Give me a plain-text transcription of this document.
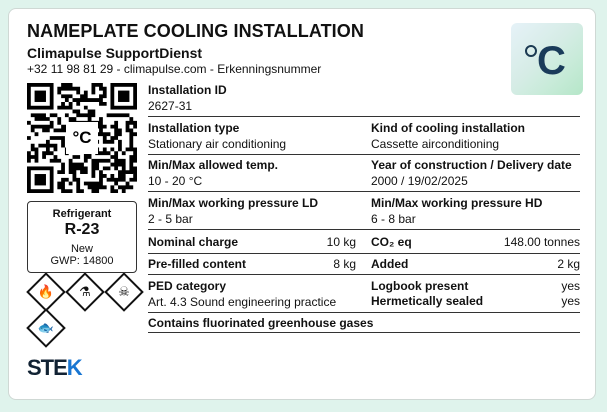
NAMEPLATE COOLING INSTALLATION
Climapulse SupportDienst
+32 11 98 81 29 - climapulse.com - Erkenningsnummer	C
°C
Refrigerant
R-23
New
GWP: 14800
🔥	⚗	☠
🐟
STEK
Installation ID
2627-31
Installation type
Stationary air conditioning
Kind of cooling installation
Cassette airconditioning
Min/Max allowed temp.
10 - 20 °C
Year of construction / Delivery date
2000 / 19/02/2025
Min/Max working pressure LD
2 - 5 bar
Min/Max working pressure HD
6 - 8 bar
Nominal charge	10 kg CO₂ eq	148.00 tonnes
Pre-filled content	8 kg Added	2 kg
PED category
Art. 4.3 Sound engineering practice
Logbook present	yes
Hermetically sealed	yes
Contains fluorinated greenhouse gases
